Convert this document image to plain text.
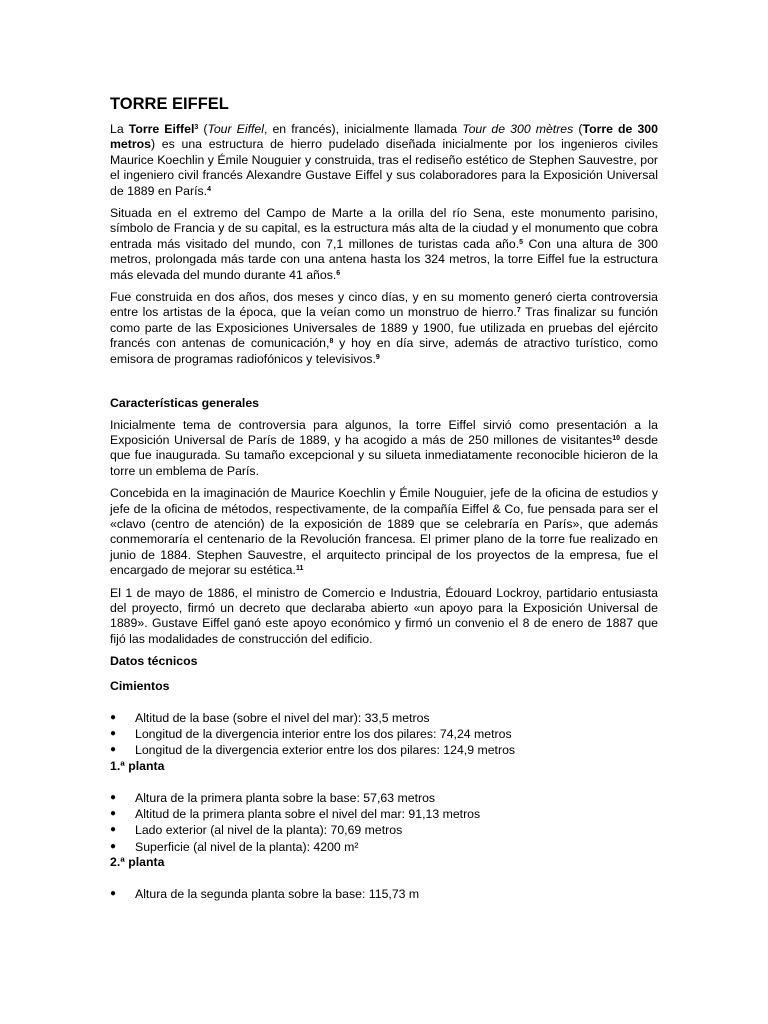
TORRE EIFFEL

La Torre Eiffel$^3$ (Tour Eiffel, en francés), inicialmente llamada Tour de 300 mètres (Torre de 300 metros) es una estructura de hierro pudelado diseñada inicialmente por los ingenieros civiles Maurice Koechlin y Émile Nouguier y construida, tras el rediseño estético de Stephen Sauvestre, por el ingeniero civil francés Alexandre Gustave Eiffel y sus colaboradores para la Exposición Universal de 1889 en París.$^4$

Situada en el extremo del Campo de Marte a la orilla del río Sena, este monumento parisino, símbolo de Francia y de su capital, es la estructura más alta de la ciudad y el monumento que cobra entrada más visitado del mundo, con 7,1 millones de turistas cada año.$^5$ Con una altura de 300 metros, prolongada más tarde con una antena hasta los 324 metros, la torre Eiffel fue la estructura más elevada del mundo durante 41 años.$^6$

Fue construida en dos años, dos meses y cinco días, y en su momento generó cierta controversia entre los artistas de la época, que la veían como un monstruo de hierro.$^7$ Tras finalizar su función como parte de las Exposiciones Universales de 1889 y 1900, fue utilizada en pruebas del ejército francés con antenas de comunicación,$^8$ y hoy en día sirve, además de atractivo turístico, como emisora de programas radiofónicos y televisivos.$^9$

Características generales

Inicialmente tema de controversia para algunos, la torre Eiffel sirvió como presentación a la Exposición Universal de París de 1889, y ha acogido a más de 250 millones de visitantes$^{10}$ desde que fue inaugurada. Su tamaño excepcional y su silueta inmediatamente reconocible hicieron de la torre un emblema de París.

Concebida en la imaginación de Maurice Koechlin y Émile Nouguier, jefe de la oficina de estudios y jefe de la oficina de métodos, respectivamente, de la compañía Eiffel & Co, fue pensada para ser el «clavo (centro de atención) de la exposición de 1889 que se celebraría en París», que además conmemoraría el centenario de la Revolución francesa. El primer plano de la torre fue realizado en junio de 1884. Stephen Sauvestre, el arquitecto principal de los proyectos de la empresa, fue el encargado de mejorar su estética.$^{11}$

El 1 de mayo de 1886, el ministro de Comercio e Industria, Édouard Lockroy, partidario entusiasta del proyecto, firmó un decreto que declaraba abierto «un apoyo para la Exposición Universal de 1889». Gustave Eiffel ganó este apoyo económico y firmó un convenio el 8 de enero de 1887 que fijó las modalidades de construcción del edificio.

Datos técnicos
Cimientos
● Altitud de la base (sobre el nivel del mar): 33,5 metros
● Longitud de la divergencia interior entre los dos pilares: 74,24 metros
● Longitud de la divergencia exterior entre los dos pilares: 124,9 metros
1.ª planta
● Altura de la primera planta sobre la base: 57,63 metros
● Altitud de la primera planta sobre el nivel del mar: 91,13 metros
● Lado exterior (al nivel de la planta): 70,69 metros
● Superficie (al nivel de la planta): 4200 m²
2.ª planta
● Altura de la segunda planta sobre la base: 115,73 m
